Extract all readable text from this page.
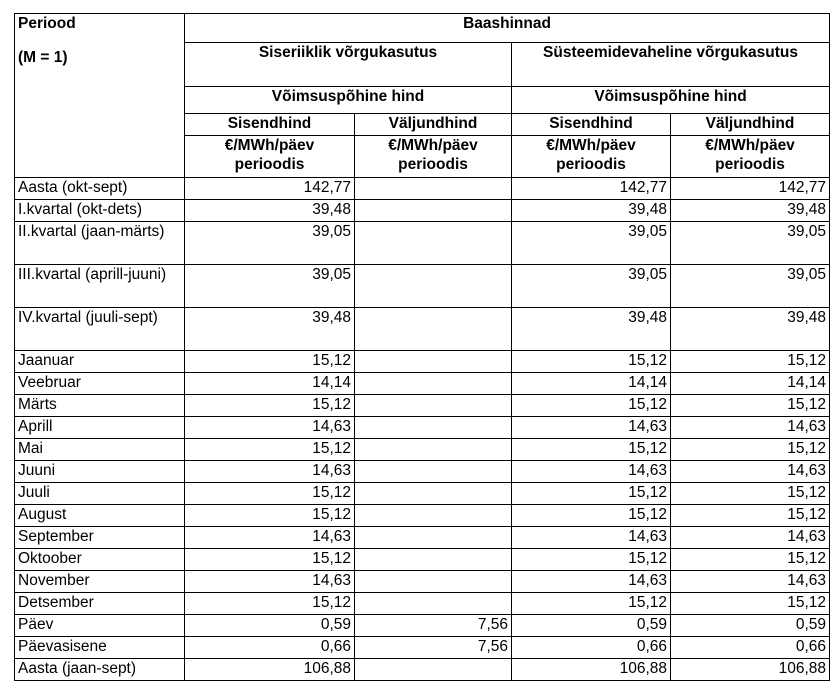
Periood
(M = 1)	Baashinnad			
	Siseriiklik võrgukasutus		Süsteemidevaheline võrgukasutus	
	Võimsuspõhine hind		Võimsuspõhine hind	
	Sisendhind	Väljundhind	Sisendhind	Väljundhind
	€/MWh/päev perioodis	€/MWh/päev perioodis	€/MWh/päev perioodis	€/MWh/päev perioodis
Aasta (okt-sept)	142,77		142,77	142,77
I.kvartal (okt-dets)	39,48		39,48	39,48
II.kvartal (jaan-märts)	39,05		39,05	39,05
III.kvartal (aprill-juuni)	39,05		39,05	39,05
IV.kvartal (juuli-sept)	39,48		39,48	39,48
Jaanuar	15,12		15,12	15,12
Veebruar	14,14		14,14	14,14
Märts	15,12		15,12	15,12
Aprill	14,63		14,63	14,63
Mai	15,12		15,12	15,12
Juuni	14,63		14,63	14,63
Juuli	15,12		15,12	15,12
August	15,12		15,12	15,12
September	14,63		14,63	14,63
Oktoober	15,12		15,12	15,12
November	14,63		14,63	14,63
Detsember	15,12		15,12	15,12
Päev	0,59	7,56	0,59	0,59
Päevasisene	0,66	7,56	0,66	0,66
Aasta (jaan-sept)	106,88		106,88	106,88
